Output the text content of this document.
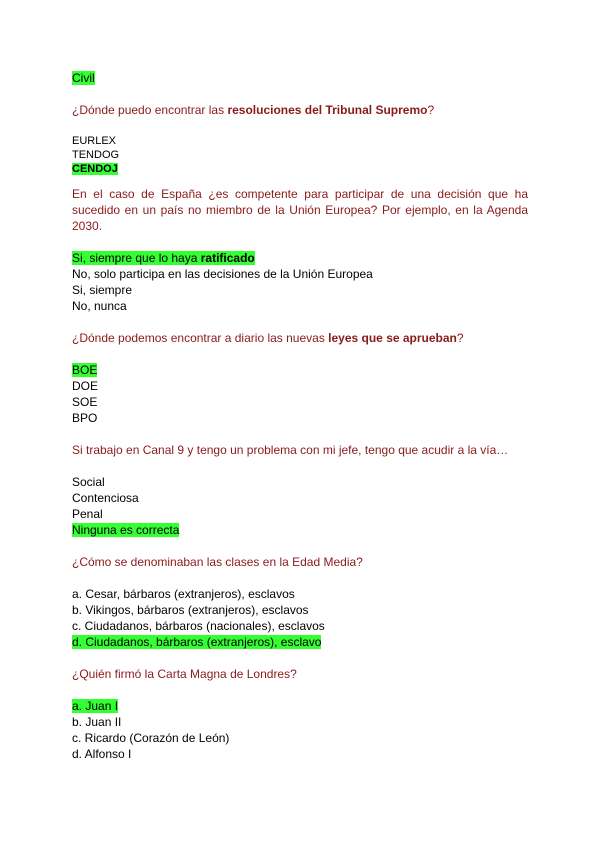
Civil
¿Dónde puedo encontrar las resoluciones del Tribunal Supremo?
EURLEX
TENDOG
CENDOJ
En el caso de España ¿es competente para participar de una decisión que ha sucedido en un país no miembro de la Unión Europea? Por ejemplo, en la Agenda 2030.
Si, siempre que lo haya ratificado
No, solo participa en las decisiones de la Unión Europea
Si, siempre
No, nunca
¿Dónde podemos encontrar a diario las nuevas leyes que se aprueban?
BOE
DOE
SOE
BPO
Si trabajo en Canal 9 y tengo un problema con mi jefe, tengo que acudir a la vía…
Social
Contenciosa
Penal
Ninguna es correcta
¿Cómo se denominaban las clases en la Edad Media?
a. Cesar, bárbaros (extranjeros), esclavos
b. Vikingos, bárbaros (extranjeros), esclavos
c. Ciudadanos, bárbaros (nacionales), esclavos
d. Ciudadanos, bárbaros (extranjeros), esclavo
¿Quién firmó la Carta Magna de Londres?
a. Juan I
b. Juan II
c. Ricardo (Corazón de León)
d. Alfonso I
